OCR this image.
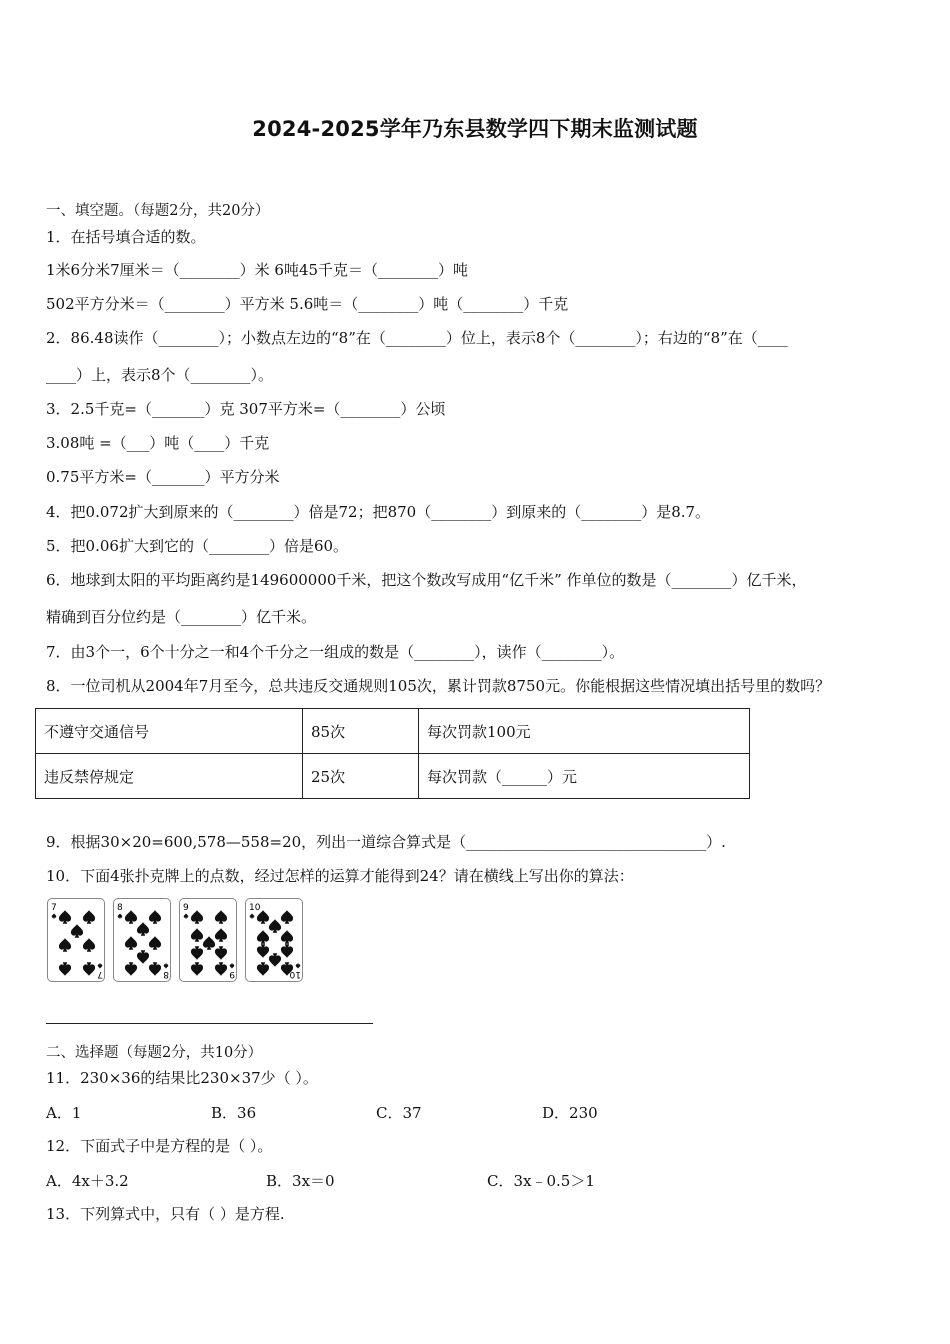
2024-2025学年乃东县数学四下期末监测试题
一、填空题。（每题2分，共20分）
1．在括号填合适的数。
1米6分米7厘米＝（________）米 6吨45千克＝（________）吨
502平方分米＝（________）平方米 5.6吨＝（________）吨（________）千克
2．86.48读作（________）；小数点左边的“8”在（________）位上，表示8个（________）；右边的“8”在（____
____）上，表示8个（________）。
3．2.5千克=（_______）克 307平方米=（________）公顷
3.08吨 =（___）吨（____）千克
0.75平方米=（_______）平方分米
4．把0.072扩大到原来的（________）倍是72；把870（________）到原来的（________）是8.7。
5．把0.06扩大到它的（________）倍是60。
6．地球到太阳的平均距离约是149600000千米，把这个数改写成用“亿千米” 作单位的数是（________）亿千米，
精确到百分位约是（________）亿千米。
7．由3个一，6个十分之一和4个千分之一组成的数是（________），读作（________）。
8．一位司机从2004年7月至今，总共违反交通规则105次，累计罚款8750元。你能根据这些情况填出括号里的数吗？
不遵守交通信号	85次	每次罚款100元
违反禁停规定	25次	每次罚款（______）元
9．根据30×20=600,578—558=20，列出一道综合算式是（________________________________）.
10．下面4张扑克牌上的点数，经过怎样的运算才能得到24？请在横线上写出你的算法：
7
7
8
8
9
9
10
10
二、选择题（每题2分，共10分）
11．230×36的结果比230×37少（ ）。
A．1	B．36	C．37	D．230
12．下面式子中是方程的是（ ）。
A．4x＋3.2	B．3x＝0	C．3x﹣0.5＞1
13．下列算式中，只有（ ）是方程.
